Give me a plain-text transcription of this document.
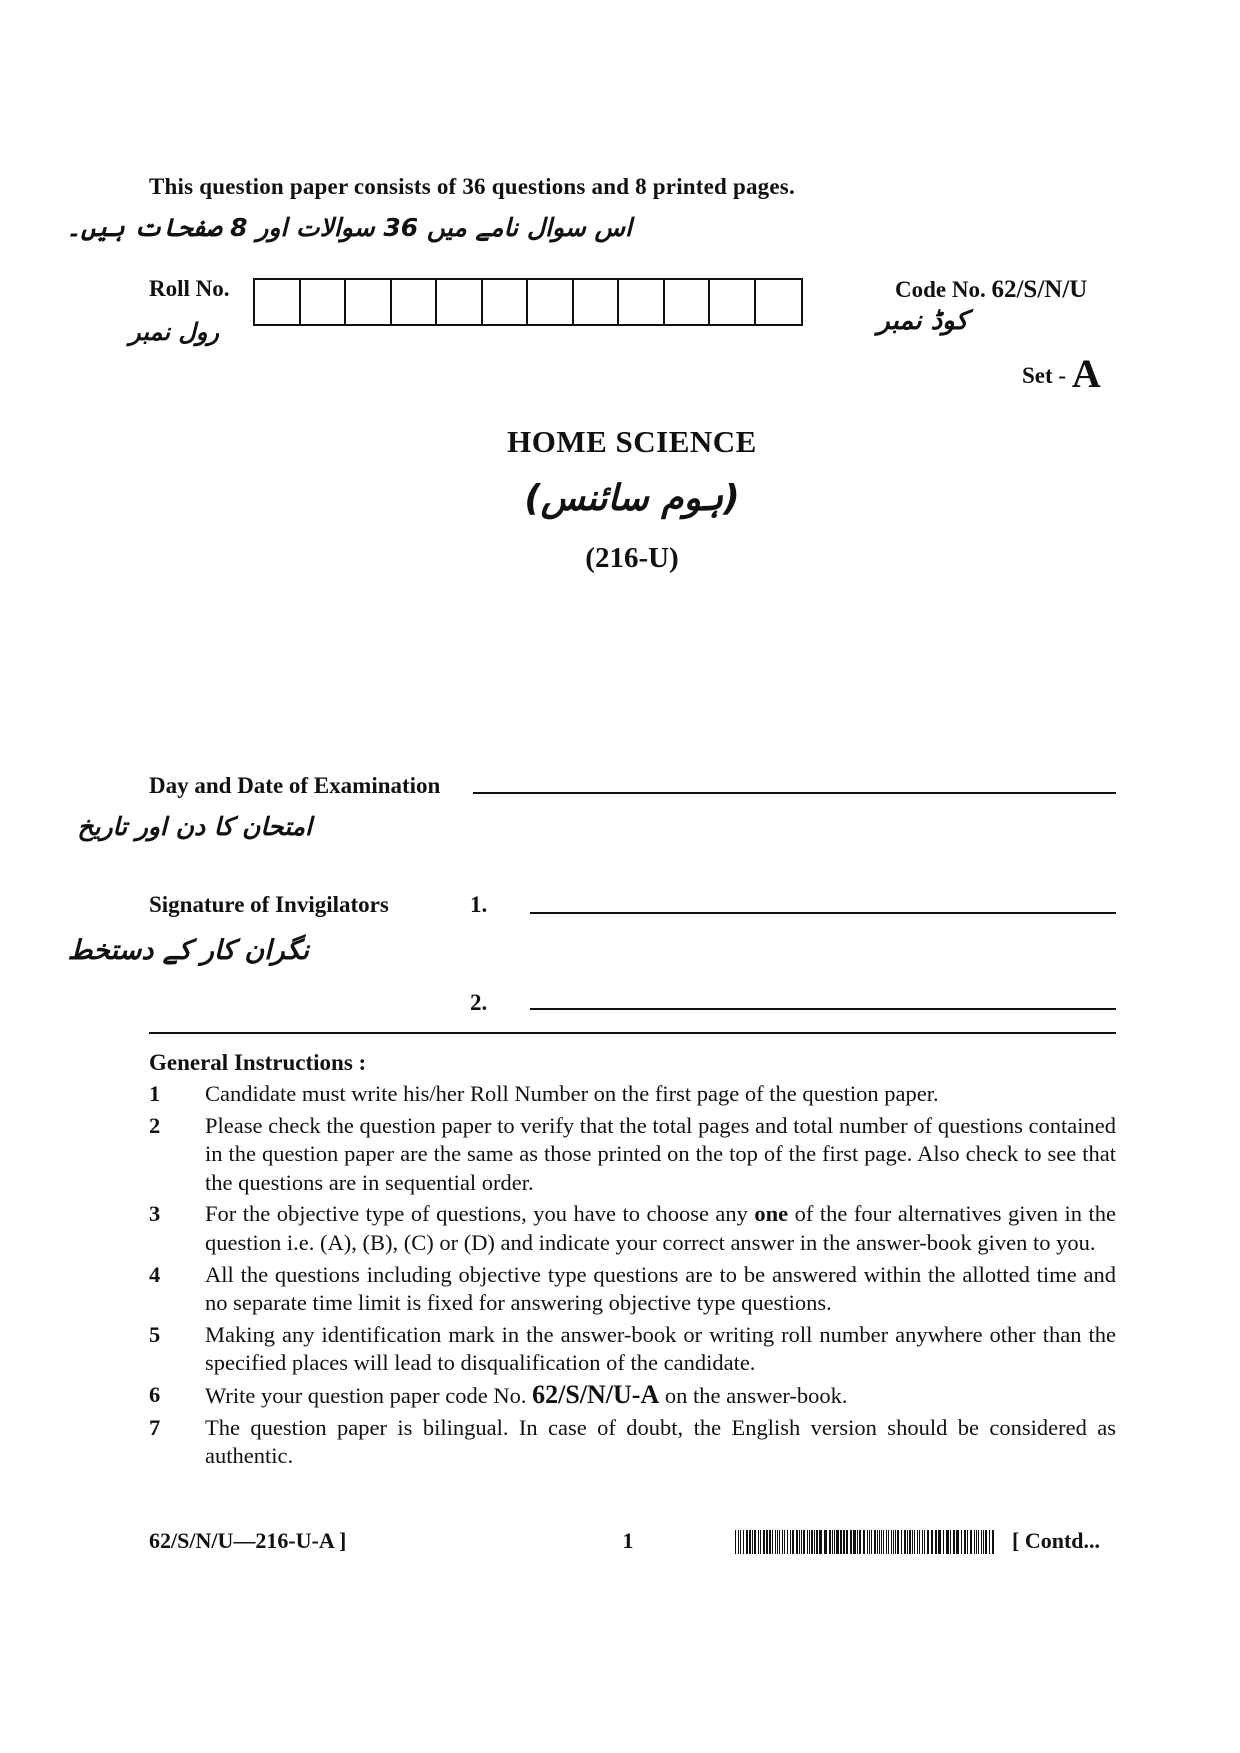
This question paper consists of 36 questions and 8 printed pages.
اس سوال نامے میں 36 سوالات اور 8 صفحات ہیں۔
Roll No.
رول نمبر
Code No. 62/S/N/U
کوڈ نمبر
Set - A
HOME SCIENCE
(ہوم سائنس)
(216-U)
Day and Date of Examination
امتحان کا دن اور تاریخ
Signature of Invigilators	1.
نگران کار کے دستخط
2.
General Instructions :
1	Candidate must write his/her Roll Number on the first page of the question paper.
2	Please check the question paper to verify that the total pages and total number of questions contained in the question paper are the same as those printed on the top of the first page. Also check to see that the questions are in sequential order.
3	For the objective type of questions, you have to choose any one of the four alternatives given in the question i.e. (A), (B), (C) or (D) and indicate your correct answer in the answer-book given to you.
4	All the questions including objective type questions are to be answered within the allotted time and no separate time limit is fixed for answering objective type questions.
5	Making any identification mark in the answer-book or writing roll number anywhere other than the specified places will lead to disqualification of the candidate.
6	Write your question paper code No. 62/S/N/U-A on the answer-book.
7	The question paper is bilingual. In case of doubt, the English version should be considered as authentic.
62/S/N/U—216-U-A ]	1	[ Contd...
